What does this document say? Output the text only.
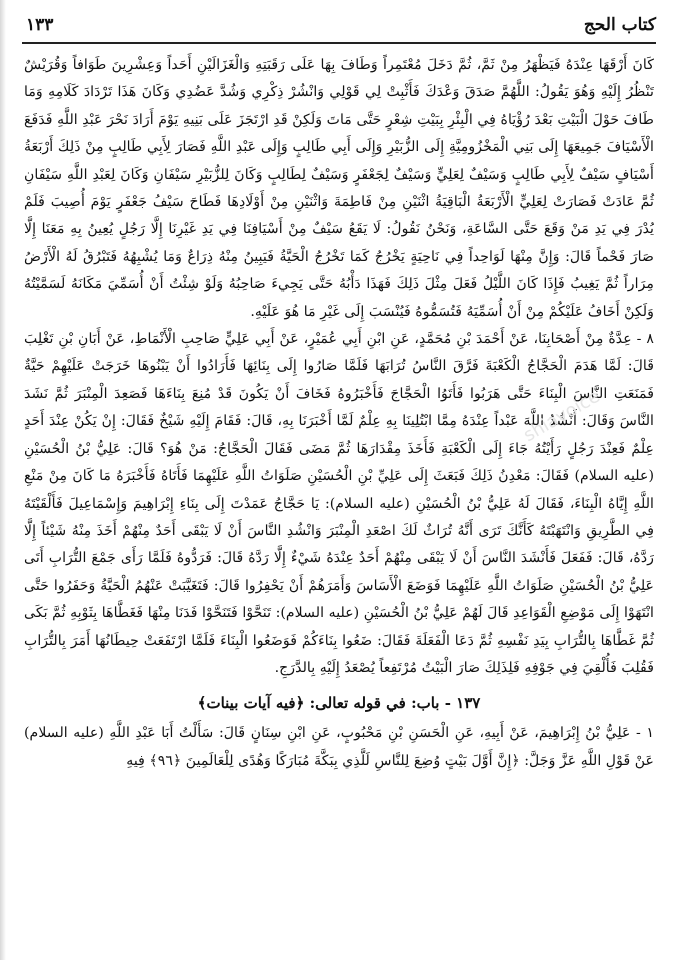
كتاب الحج
١٣٣

كَانَ أَرْقَهَا عِنْدَهُ فَيَظْهَرُ مِنْ ثَمَّ، ثُمَّ دَخَلَ مُعْتَمِراً وَطَافَ بِهَا عَلَى رَقَبَتِهِ وَالْغَزَالَيْنِ أَحَداً وَعِشْرِينَ طَوَافاً وَقُرَيْشٌ تَنْظُرُ إِلَيْهِ وَهُوَ يَقُولُ: اللَّهُمَّ صَدَقَ وَعْدَكَ فَأَثْبِتْ لِي قَوْلِي وَانْشُرْ ذِكْرِي وَشُدَّ عَضُدِي وَكَانَ هَذَا تَرْدَادَ كَلَامِهِ وَمَا طَافَ حَوْلَ الْبَيْتِ بَعْدَ رُؤْيَاهُ فِي الْبِئْرِ بِبَيْتِ شِعْرٍ حَتَّى مَاتَ وَلَكِنْ قَدِ ارْتَجَزَ عَلَى بَنِيهِ يَوْمَ أَرَادَ نَحْرَ عَبْدِ اللَّهِ فَدَفَعَ الْأَسْيَافَ جَمِيعَهَا إِلَى بَنِي الْمَخْزُومِيَّةِ إِلَى الزُّبَيْرِ وَإِلَى أَبِي طَالِبٍ وَإِلَى عَبْدِ اللَّهِ فَصَارَ لِأَبِي طَالِبٍ مِنْ ذَلِكَ أَرْبَعَةُ أَسْيَافٍ سَيْفٌ لِأَبِي طَالِبٍ وَسَيْفٌ لِعَلِيٍّ وَسَيْفٌ لِجَعْفَرٍ وَسَيْفٌ لِطَالِبٍ وَكَانَ لِلزُّبَيْرِ سَيْفَانِ وَكَانَ لِعَبْدِ اللَّهِ سَيْفَانِ ثُمَّ عَادَتْ فَصَارَتْ لِعَلِيٍّ الْأَرْبَعَةُ الْبَاقِيَةُ اثْنَيْنِ مِنْ فَاطِمَةَ وَاثْنَيْنِ مِنْ أَوْلَادِهَا فَطَاحَ سَيْفُ جَعْفَرٍ يَوْمَ أُصِيبَ فَلَمْ يُدْرَ فِي يَدِ مَنْ وَقَعَ حَتَّى السَّاعَةِ، وَنَحْنُ نَقُولُ: لَا يَقَعُ سَيْفٌ مِنْ أَسْيَافِنَا فِي يَدِ غَيْرِنَا إِلَّا رَجُلٍ يُعِينُ بِهِ مَعَنَا إِلَّا صَارَ فَحْماً قَالَ: وَإِنَّ مِنْهَا لَوَاحِداً فِي نَاحِيَةٍ يَخْرُجُ كَمَا تَخْرُجُ الْحَيَّةُ فَيَبِينُ مِنْهُ ذِرَاعٌ وَمَا يُشْبِهُهُ فَتَبْرُقُ لَهُ الْأَرْضُ مِرَاراً ثُمَّ يَغِيبُ فَإِذَا كَانَ اللَّيْلُ فَعَلَ مِثْلَ ذَلِكَ فَهَذَا دَأْبُهُ حَتَّى يَجِيءَ صَاحِبُهُ وَلَوْ شِئْتُ أَنْ أُسَمِّيَ مَكَانَهُ لَسَمَّيْتُهُ وَلَكِنْ أَخَافُ عَلَيْكُمْ مِنْ أَنْ أُسَمِّيَهُ فَتُسَمُّوهُ فَيُنْسَبَ إِلَى غَيْرِ مَا هُوَ عَلَيْهِ.

٨ - عِدَّةٌ مِنْ أَصْحَابِنَا، عَنْ أَحْمَدَ بْنِ مُحَمَّدٍ، عَنِ ابْنِ أَبِي عُمَيْرٍ، عَنْ أَبِي عَلِيٍّ صَاحِبِ الْأَنْمَاطِ، عَنْ أَبَانِ بْنِ تَغْلِبَ قَالَ: لَمَّا هَدَمَ الْحَجَّاجُ الْكَعْبَةَ فَرَّقَ النَّاسُ تُرَابَهَا فَلَمَّا صَارُوا إِلَى بِنَائِهَا فَأَرَادُوا أَنْ يَبْنُوهَا خَرَجَتْ عَلَيْهِمْ حَيَّةٌ فَمَنَعَتِ النَّاسَ الْبِنَاءَ حَتَّى هَرَبُوا فَأَتَوُا الْحَجَّاجَ فَأَخْبَرُوهُ فَخَافَ أَنْ يَكُونَ قَدْ مُنِعَ بِنَاءَهَا فَصَعِدَ الْمِنْبَرَ ثُمَّ نَشَدَ النَّاسَ وَقَالَ: أَنْشُدُ اللَّهَ عَبْداً عِنْدَهُ مِمَّا ابْتُلِينَا بِهِ عِلْمٌ لَمَّا أَخْبَرَنَا بِهِ، قَالَ: فَقَامَ إِلَيْهِ شَيْخٌ فَقَالَ: إِنْ يَكُنْ عِنْدَ أَحَدٍ عِلْمٌ فَعِنْدَ رَجُلٍ رَأَيْتُهُ جَاءَ إِلَى الْكَعْبَةِ فَأَخَذَ مِقْدَارَهَا ثُمَّ مَضَى فَقَالَ الْحَجَّاجُ: مَنْ هُوَ؟ قَالَ: عَلِيُّ بْنُ الْحُسَيْنِ (عليه السلام) فَقَالَ: مَعْدِنُ ذَلِكَ فَبَعَثَ إِلَى عَلِيِّ بْنِ الْحُسَيْنِ صَلَوَاتُ اللَّهِ عَلَيْهِمَا فَأَتَاهُ فَأَخْبَرَهُ مَا كَانَ مِنْ مَنْعِ اللَّهِ إِيَّاهُ الْبِنَاءَ، فَقَالَ لَهُ عَلِيُّ بْنُ الْحُسَيْنِ (عليه السلام): يَا حَجَّاجُ عَمَدْتَ إِلَى بِنَاءِ إِبْرَاهِيمَ وَإِسْمَاعِيلَ فَأَلْقَيْتَهُ فِي الطَّرِيقِ وَانْتَهَبْتَهُ كَأَنَّكَ تَرَى أَنَّهُ تُرَاثٌ لَكَ اصْعَدِ الْمِنْبَرَ وَانْشُدِ النَّاسَ أَنْ لَا يَبْقَى أَحَدٌ مِنْهُمْ أَخَذَ مِنْهُ شَيْئاً إِلَّا رَدَّهُ، قَالَ: فَفَعَلَ فَأَنْشَدَ النَّاسَ أَنْ لَا يَبْقَى مِنْهُمْ أَحَدٌ عِنْدَهُ شَيْءٌ إِلَّا رَدَّهُ قَالَ: فَرَدُّوهُ فَلَمَّا رَأَى جَمْعَ التُّرَابِ أَتَى عَلِيُّ بْنُ الْحُسَيْنِ صَلَوَاتُ اللَّهِ عَلَيْهِمَا فَوَضَعَ الْأَسَاسَ وَأَمَرَهُمْ أَنْ يَحْفِرُوا قَالَ: فَتَغَيَّبَتْ عَنْهُمُ الْحَيَّةُ وَحَفَرُوا حَتَّى انْتَهَوْا إِلَى مَوْضِعِ الْقَوَاعِدِ قَالَ لَهُمْ عَلِيُّ بْنُ الْحُسَيْنِ (عليه السلام): تَنَحَّوْا فَتَنَحَّوْا فَدَنَا مِنْهَا فَغَطَّاهَا بِثَوْبِهِ ثُمَّ بَكَى ثُمَّ غَطَّاهَا بِالتُّرَابِ بِيَدِ نَفْسِهِ ثُمَّ دَعَا الْفَعَلَةَ فَقَالَ: ضَعُوا بِنَاءَكُمْ فَوَضَعُوا الْبِنَاءَ فَلَمَّا ارْتَفَعَتْ حِيطَانُهَا أَمَرَ بِالتُّرَابِ فَقُلِبَ فَأُلْقِيَ فِي جَوْفِهِ فَلِذَلِكَ صَارَ الْبَيْتُ مُرْتَفِعاً يُصْعَدُ إِلَيْهِ بِالدَّرَجِ.

١٣٧ - باب: في قوله تعالى: ﴿فيه آيات بينات﴾

١ - عَلِيُّ بْنُ إِبْرَاهِيمَ، عَنْ أَبِيهِ، عَنِ الْحَسَنِ بْنِ مَحْبُوبٍ، عَنِ ابْنِ سِنَانٍ قَالَ: سَأَلْتُ أَبَا عَبْدِ اللَّهِ (عليه السلام) عَنْ قَوْلِ اللَّهِ عَزَّ وَجَلَّ: ﴿إِنَّ أَوَّلَ بَيْتٍ وُضِعَ لِلنَّاسِ لَلَّذِي بِبَكَّةَ مُبَارَكًا وَهُدًى لِلْعَالَمِينَ ﴿٩٦﴾ فِيهِ

shiavoice
